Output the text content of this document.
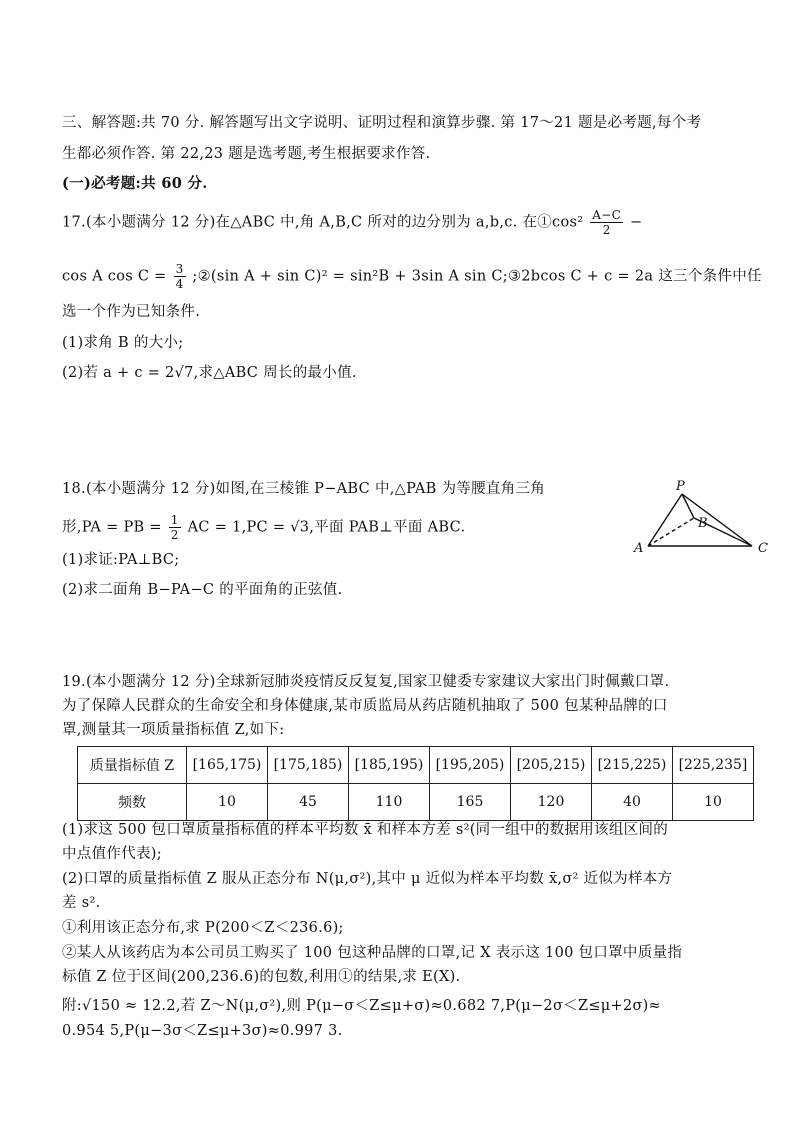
三、解答题:共 70 分. 解答题写出文字说明、证明过程和演算步骤. 第 17～21 题是必考题,每个考
生都必须作答. 第 22,23 题是选考题,考生根据要求作答.
(一)必考题:共 60 分.
17.(本小题满分 12 分)在△ABC 中,角 A,B,C 所对的边分别为 a,b,c. 在①cos² $\frac{A-C}{2}$ −
cos A $\cos C = \frac{3}{4}$ ;②(sin A + sin C)² = sin²B + 3sin A sin C;③2bcos C + c = 2a 这三个条件中任
选一个作为已知条件.
(1)求角 B 的大小;
(2)若 a + c = 2√7,求△ABC 周长的最小值.
18.(本小题满分 12 分)如图,在三棱锥 P−ABC 中,△PAB 为等腰直角三角
形,PA = PB = $\frac{1}{2}$ AC = 1,PC = √3,平面 PAB⊥平面 ABC.
(1)求证:PA⊥BC;
(2)求二面角 B−PA−C 的平面角的正弦值.
P
A
B
C
19.(本小题满分 12 分)全球新冠肺炎疫情反反复复,国家卫健委专家建议大家出门时佩戴口罩.
为了保障人民群众的生命安全和身体健康,某市质监局从药店随机抽取了 500 包某种品牌的口
罩,测量其一项质量指标值 Z,如下:
质量指标值 Z	[165,175)	[175,185)	[185,195)	[195,205)	[205,215)	[215,225)	[225,235]
频数	10	45	110	165	120	40	10
(1)求这 500 包口罩质量指标值的样本平均数 x̄ 和样本方差 s²(同一组中的数据用该组区间的
中点值作代表);
(2)口罩的质量指标值 Z 服从正态分布 N(μ,σ²),其中 μ 近似为样本平均数 x̄,σ² 近似为样本方
差 s².
①利用该正态分布,求 P(200＜Z＜236.6);
②某人从该药店为本公司员工购买了 100 包这种品牌的口罩,记 X 表示这 100 包口罩中质量指
标值 Z 位于区间(200,236.6)的包数,利用①的结果,求 E(X).
附:√150 ≈ 12.2,若 Z～N(μ,σ²),则 P(μ−σ＜Z≤μ+σ)≈0.682 7,P(μ−2σ＜Z≤μ+2σ)≈
0.954 5,P(μ−3σ＜Z≤μ+3σ)≈0.997 3.
